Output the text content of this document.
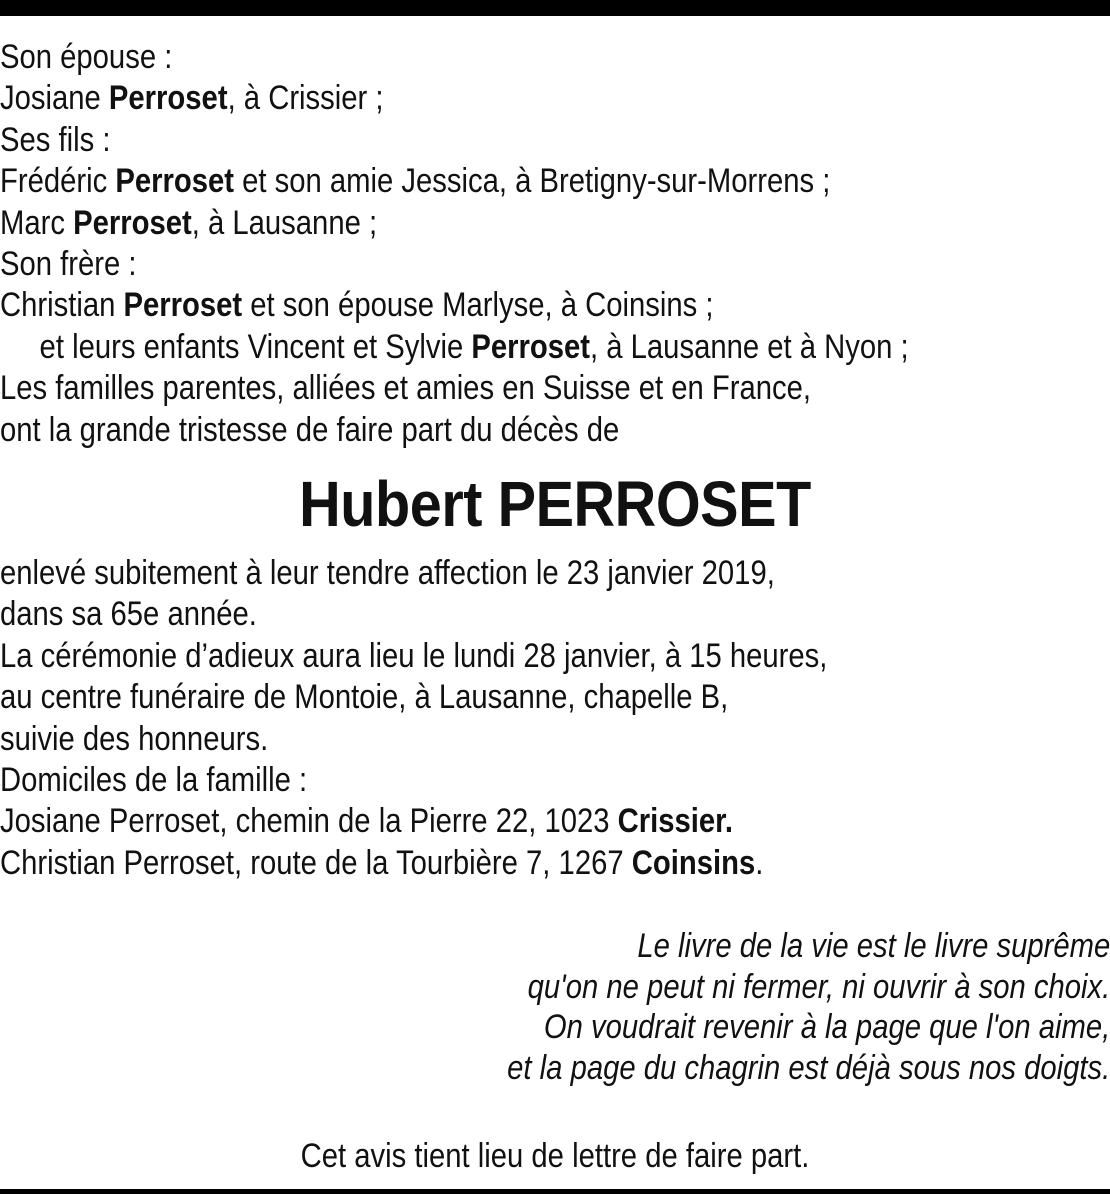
Son épouse :
Josiane Perroset, à Crissier ;
Ses fils :
Frédéric Perroset et son amie Jessica, à Bretigny-sur-Morrens ;
Marc Perroset, à Lausanne ;
Son frère :
Christian Perroset et son épouse Marlyse, à Coinsins ;
et leurs enfants Vincent et Sylvie Perroset, à Lausanne et à Nyon ;
Les familles parentes, alliées et amies en Suisse et en France,
ont la grande tristesse de faire part du décès de
Hubert PERROSET
enlevé subitement à leur tendre affection le 23 janvier 2019,
dans sa 65e année.
La cérémonie d’adieux aura lieu le lundi 28 janvier, à 15 heures,
au centre funéraire de Montoie, à Lausanne, chapelle B,
suivie des honneurs.
Domiciles de la famille :
Josiane Perroset, chemin de la Pierre 22, 1023 Crissier.
Christian Perroset, route de la Tourbière 7, 1267 Coinsins.
Le livre de la vie est le livre suprême
qu'on ne peut ni fermer, ni ouvrir à son choix.
On voudrait revenir à la page que l'on aime,
et la page du chagrin est déjà sous nos doigts.
Cet avis tient lieu de lettre de faire part.
